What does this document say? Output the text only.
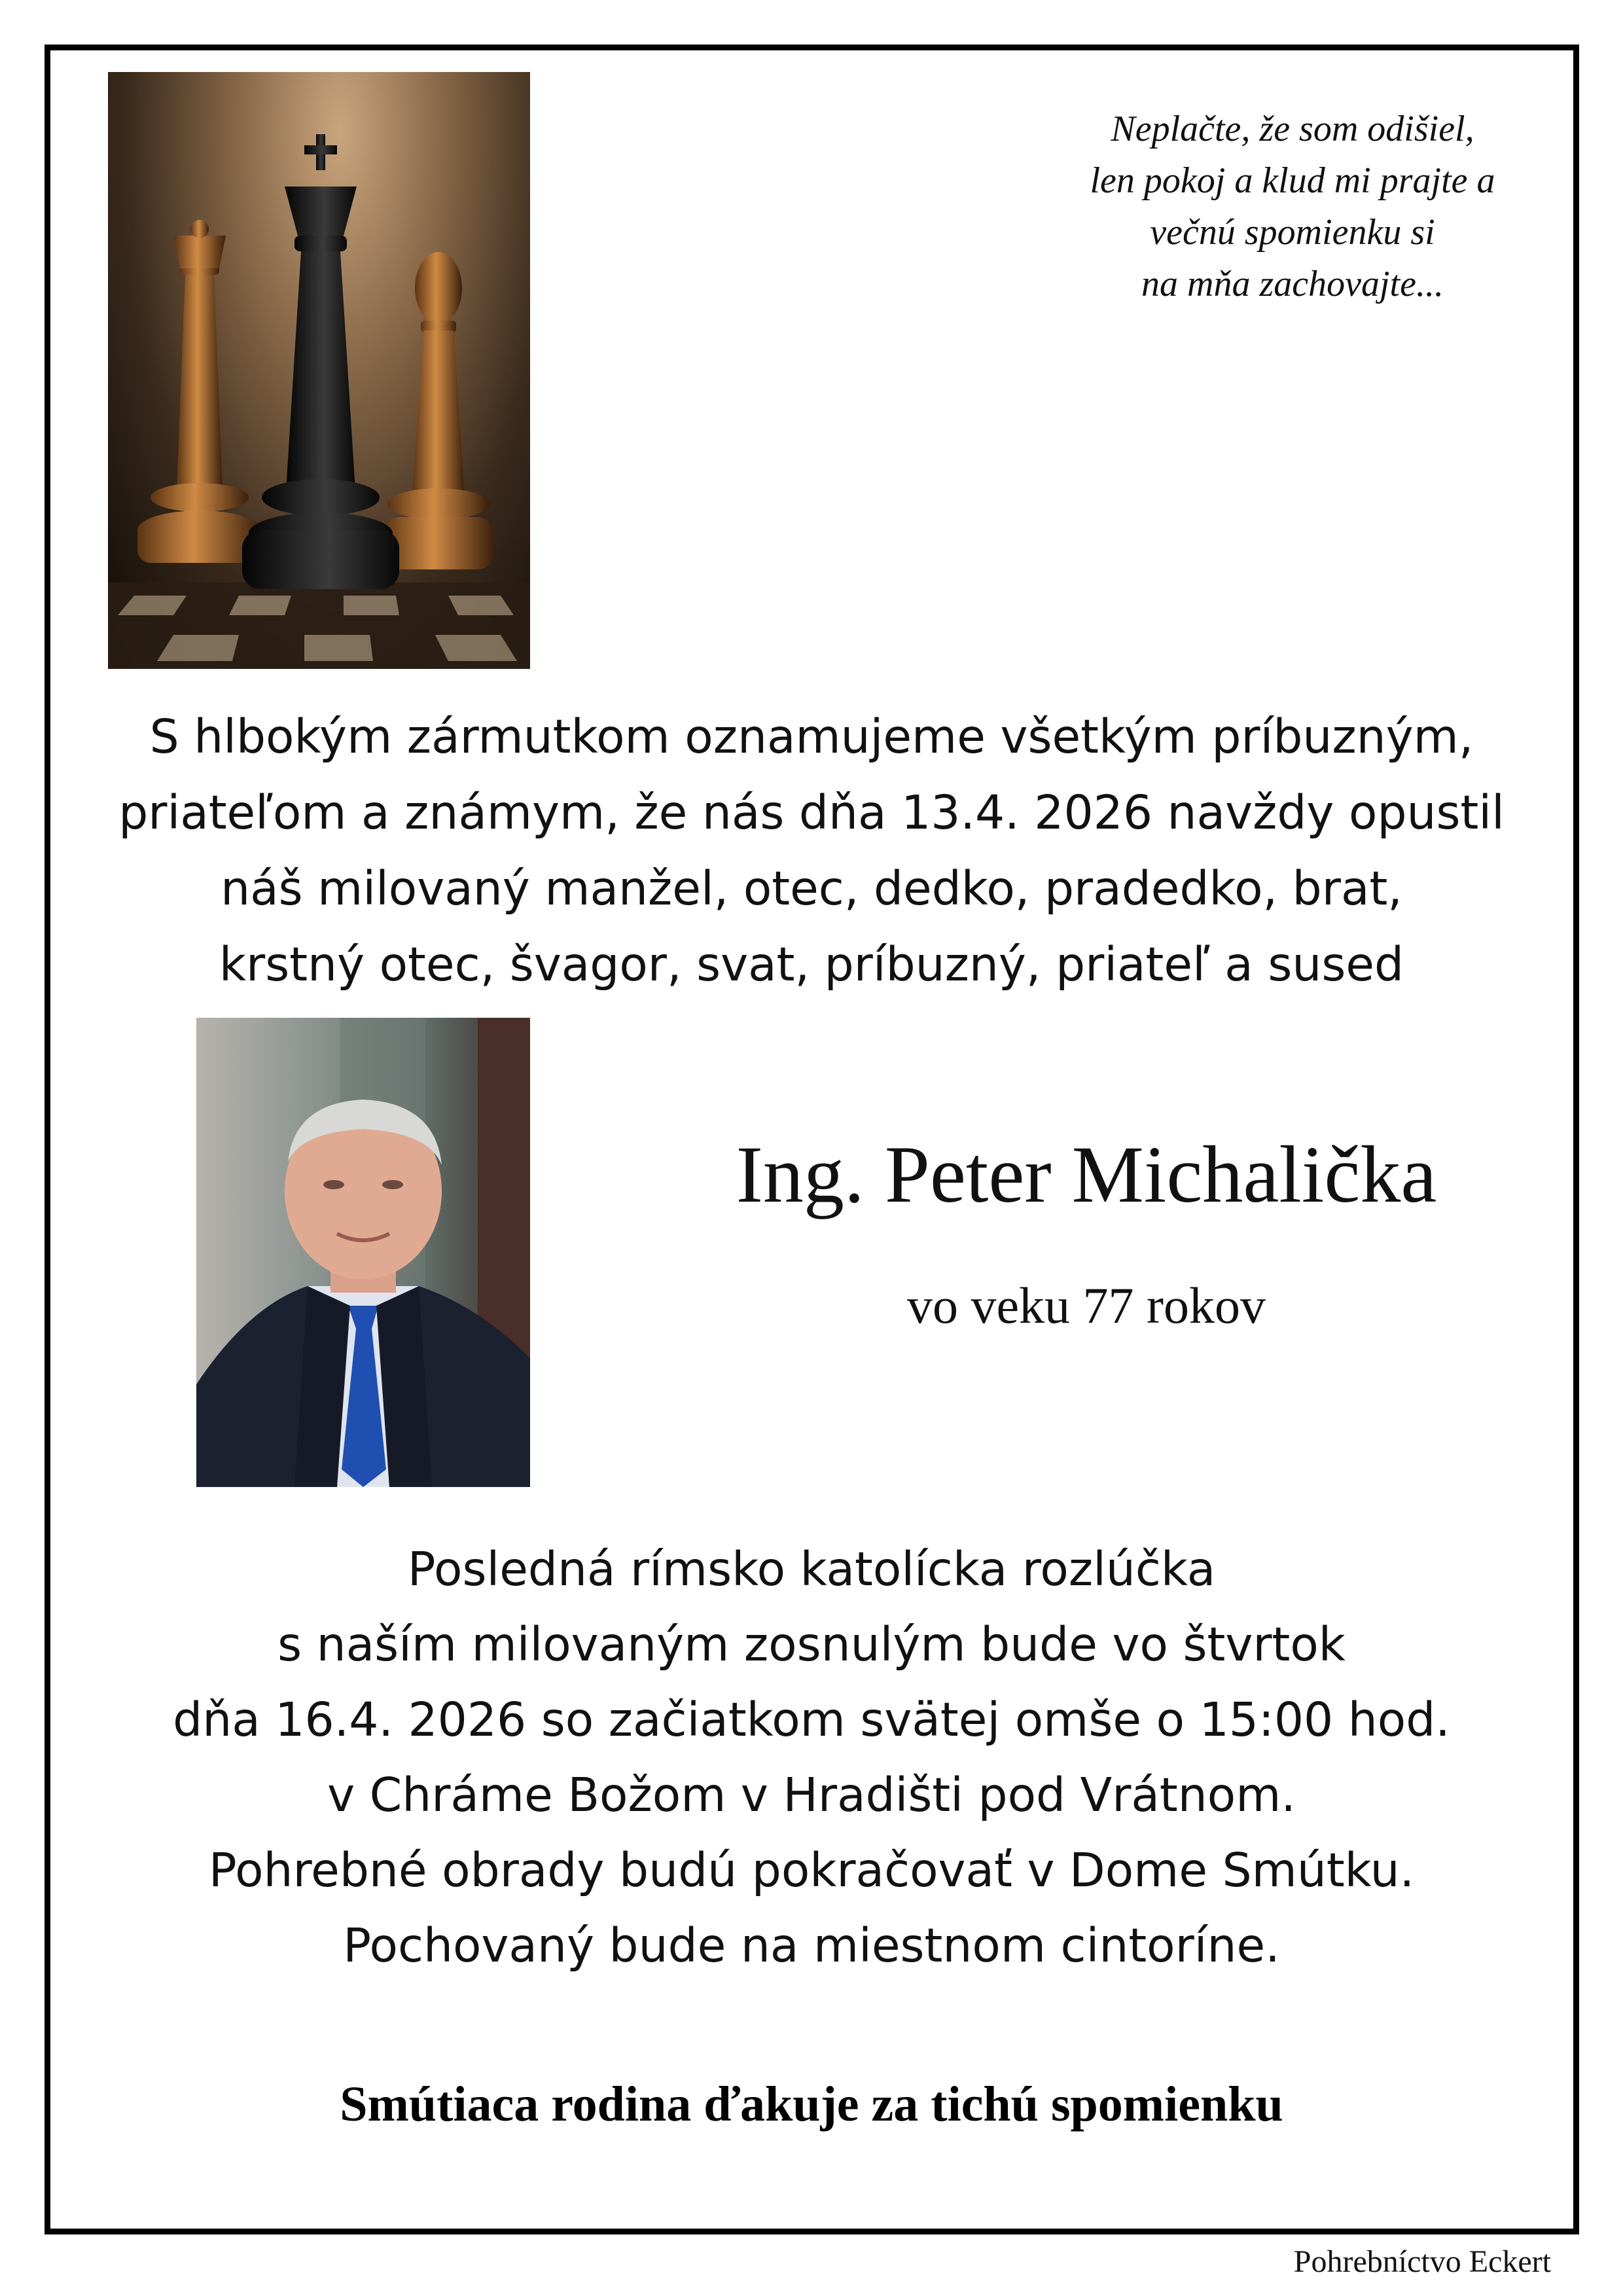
Neplačte, že som odišiel,
len pokoj a klud mi prajte a
večnú spomienku si
na mňa zachovajte...
S hlbokým zármutkom oznamujeme všetkým príbuzným,
priateľom a známym, že nás dňa 13.4. 2026 navždy opustil
náš milovaný manžel, otec, dedko, pradedko, brat,
krstný otec, švagor, svat, príbuzný, priateľ a sused
Ing. Peter Michalička
vo veku 77 rokov
Posledná rímsko katolícka rozlúčka
s naším milovaným zosnulým bude vo štvrtok
dňa 16.4. 2026 so začiatkom svätej omše o 15:00 hod.
v Chráme Božom v Hradišti pod Vrátnom.
Pohrebné obrady budú pokračovať v Dome Smútku.
Pochovaný bude na miestnom cintoríne.
Smútiaca rodina ďakuje za tichú spomienku
Pohrebníctvo Eckert
